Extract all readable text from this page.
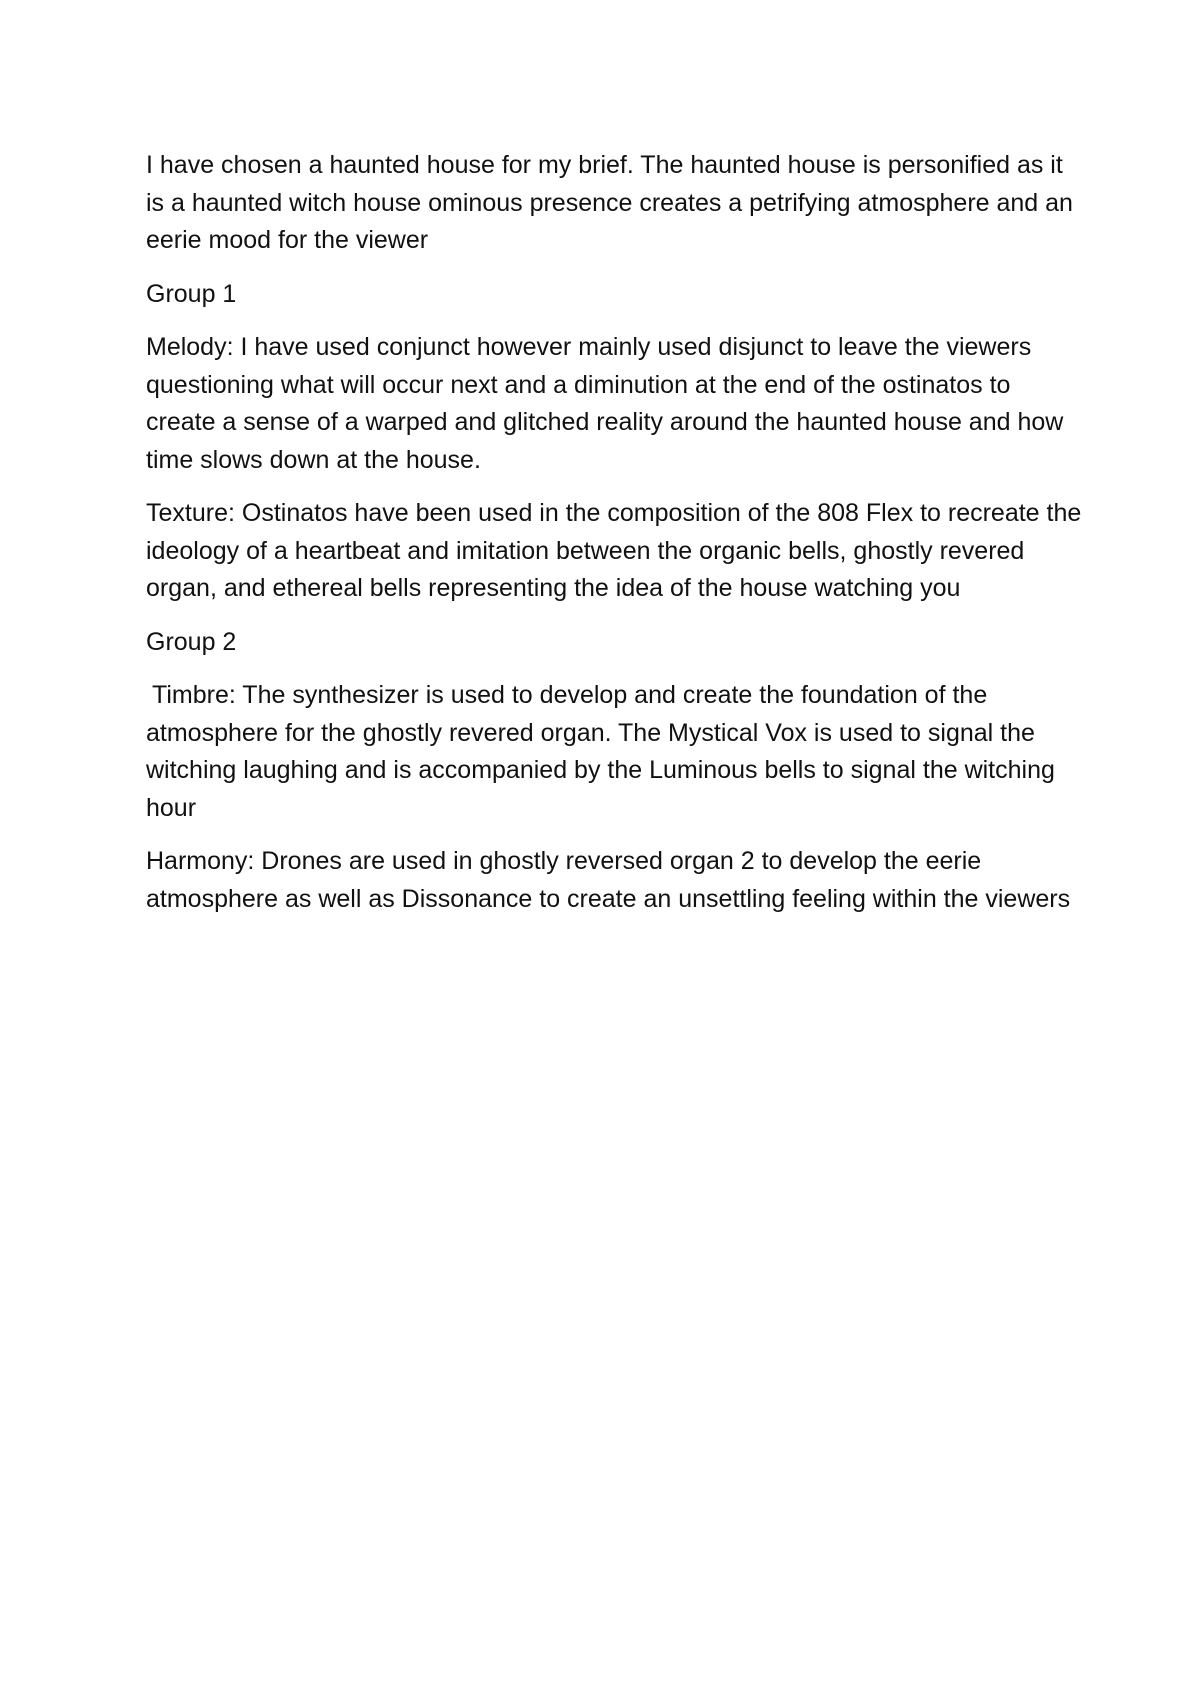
I have chosen a haunted house for my brief. The haunted house is personified as it is a haunted witch house ominous presence creates a petrifying atmosphere and an eerie mood for the viewer

Group 1

Melody: I have used conjunct however mainly used disjunct to leave the viewers questioning what will occur next and a diminution at the end of the ostinatos to create a sense of a warped and glitched reality around the haunted house and how time slows down at the house.

Texture: Ostinatos have been used in the composition of the 808 Flex to recreate the ideology of a heartbeat and imitation between the organic bells, ghostly revered organ, and ethereal bells representing the idea of the house watching you

Group 2

Timbre: The synthesizer is used to develop and create the foundation of the atmosphere for the ghostly revered organ. The Mystical Vox is used to signal the witching laughing and is accompanied by the Luminous bells to signal the witching hour

Harmony: Drones are used in ghostly reversed organ 2 to develop the eerie atmosphere as well as Dissonance to create an unsettling feeling within the viewers
